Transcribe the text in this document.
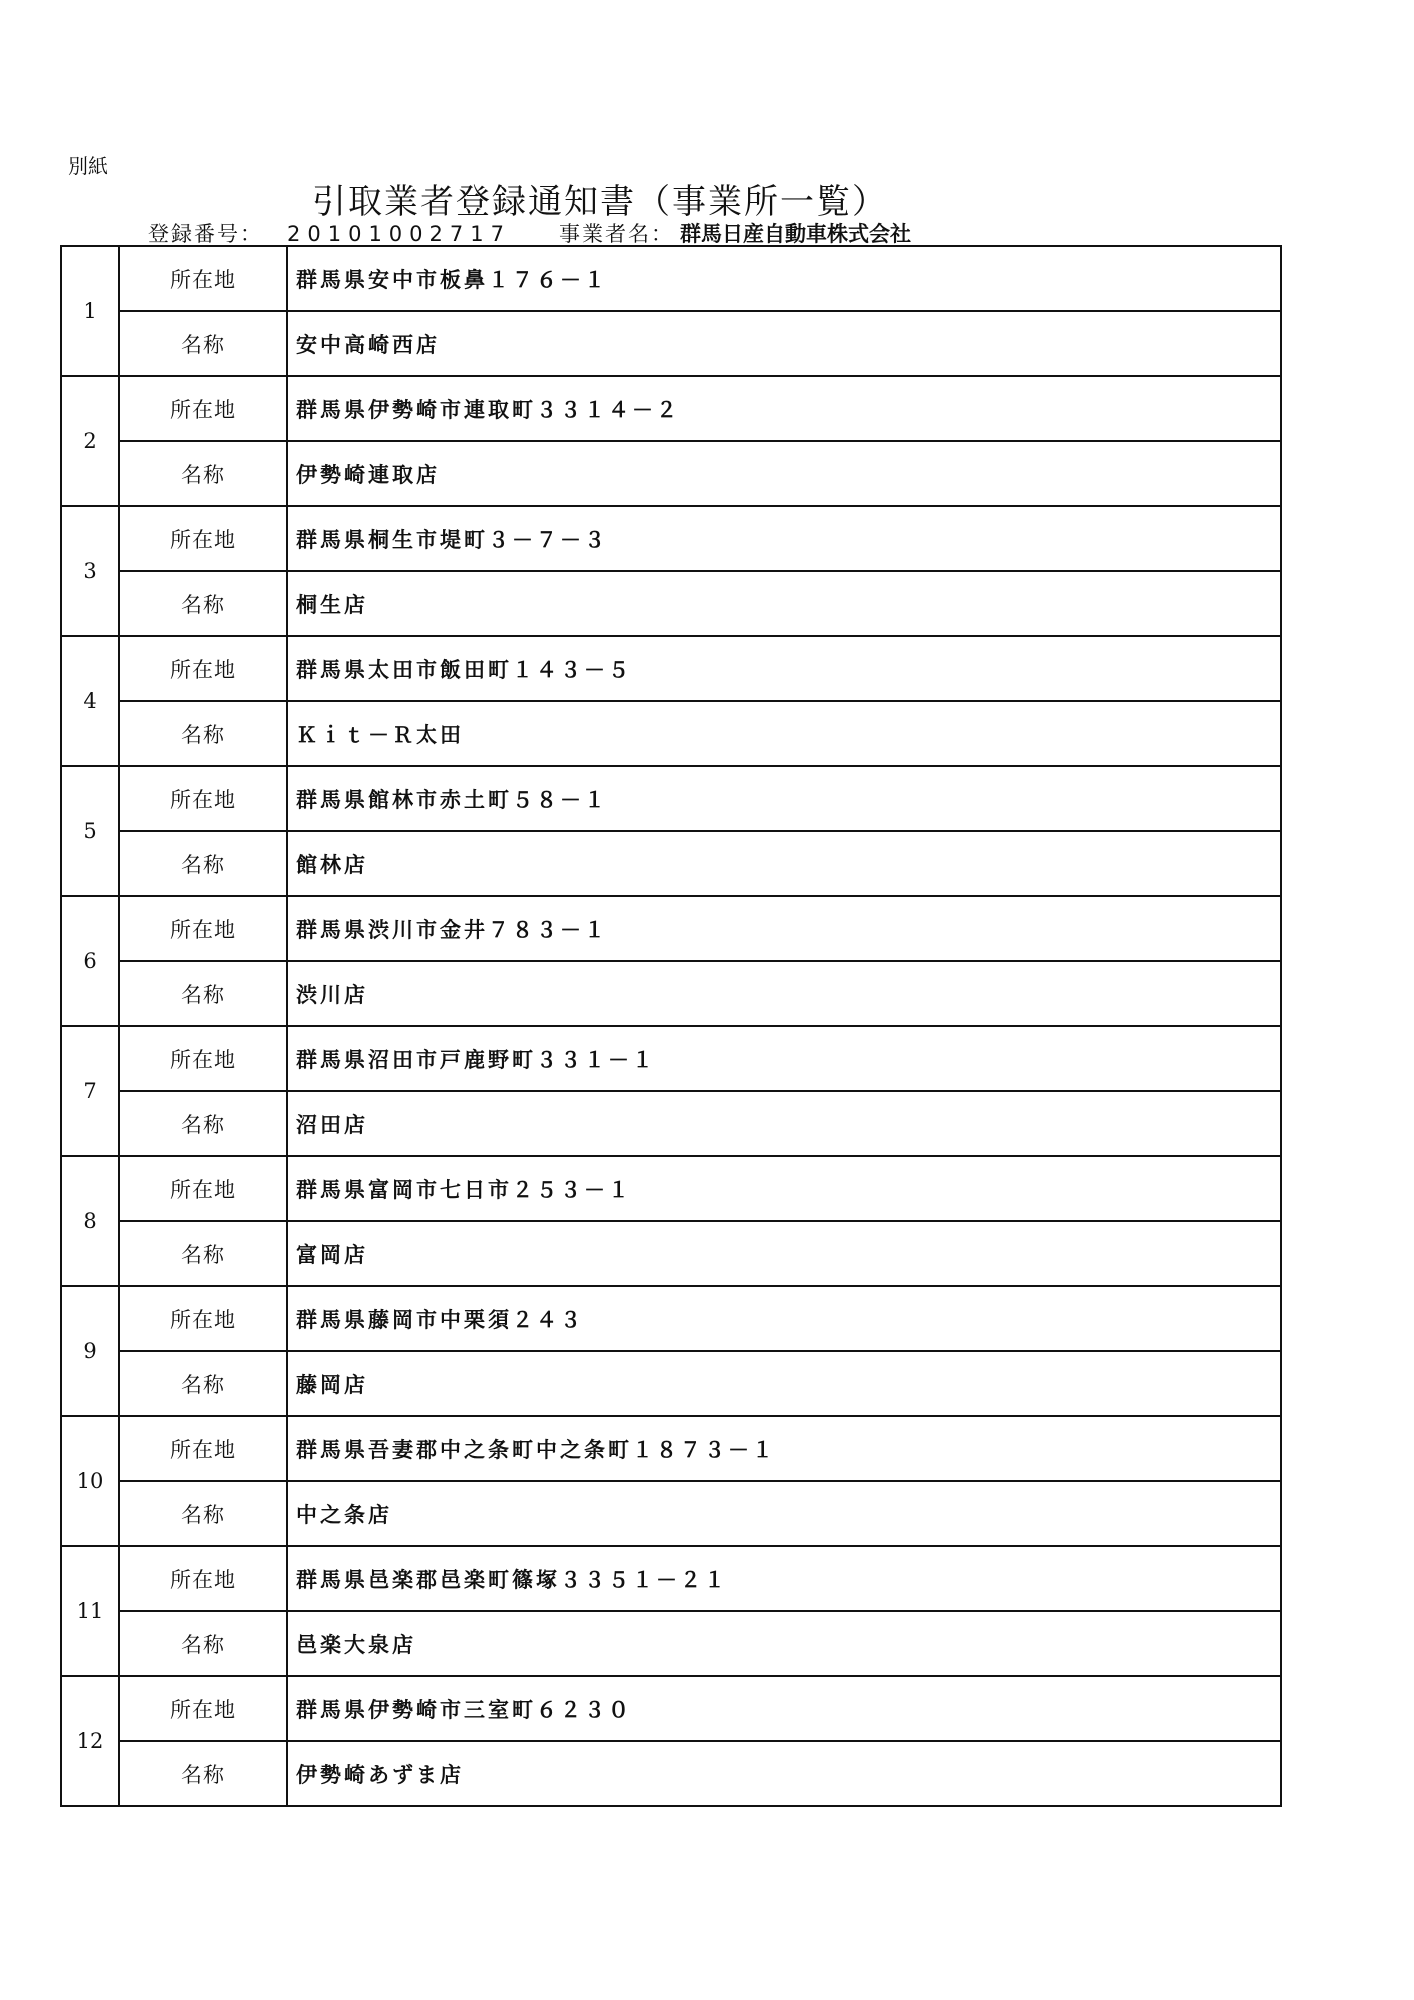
別紙
引取業者登録通知書（事業所一覧）
登録番号： 20101002717 事業者名： 群馬日産自動車株式会社
1	所在地	群馬県安中市板鼻１７６－１
	名称	安中高崎西店
2	所在地	群馬県伊勢崎市連取町３３１４－２
	名称	伊勢崎連取店
3	所在地	群馬県桐生市堤町３－７－３
	名称	桐生店
4	所在地	群馬県太田市飯田町１４３－５
	名称	Ｋｉｔ－Ｒ太田
5	所在地	群馬県館林市赤土町５８－１
	名称	館林店
6	所在地	群馬県渋川市金井７８３－１
	名称	渋川店
7	所在地	群馬県沼田市戸鹿野町３３１－１
	名称	沼田店
8	所在地	群馬県富岡市七日市２５３－１
	名称	富岡店
9	所在地	群馬県藤岡市中栗須２４３
	名称	藤岡店
10	所在地	群馬県吾妻郡中之条町中之条町１８７３－１
	名称	中之条店
11	所在地	群馬県邑楽郡邑楽町篠塚３３５１－２１
	名称	邑楽大泉店
12	所在地	群馬県伊勢崎市三室町６２３０
	名称	伊勢崎あずま店
